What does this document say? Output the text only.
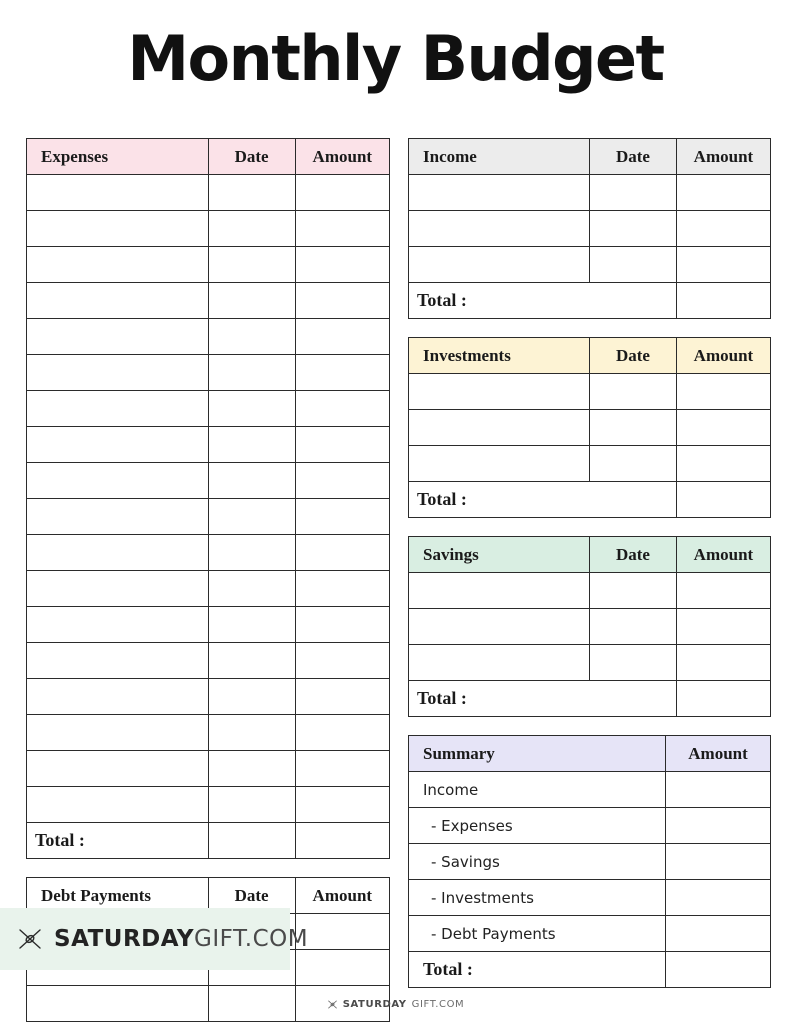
Monthly Budget
Expenses	Date	Amount

Total :		
Debt Payments	Date	Amount

Income	Date	Amount

Total :		
Investments	Date	Amount

Total :		
Savings	Date	Amount

Total :		
Summary	Amount
Income	
- Expenses	
- Savings	
- Investments	
- Debt Payments	
Total :	
SATURDAYGIFT.COM
SATURDAY GIFT.COM
